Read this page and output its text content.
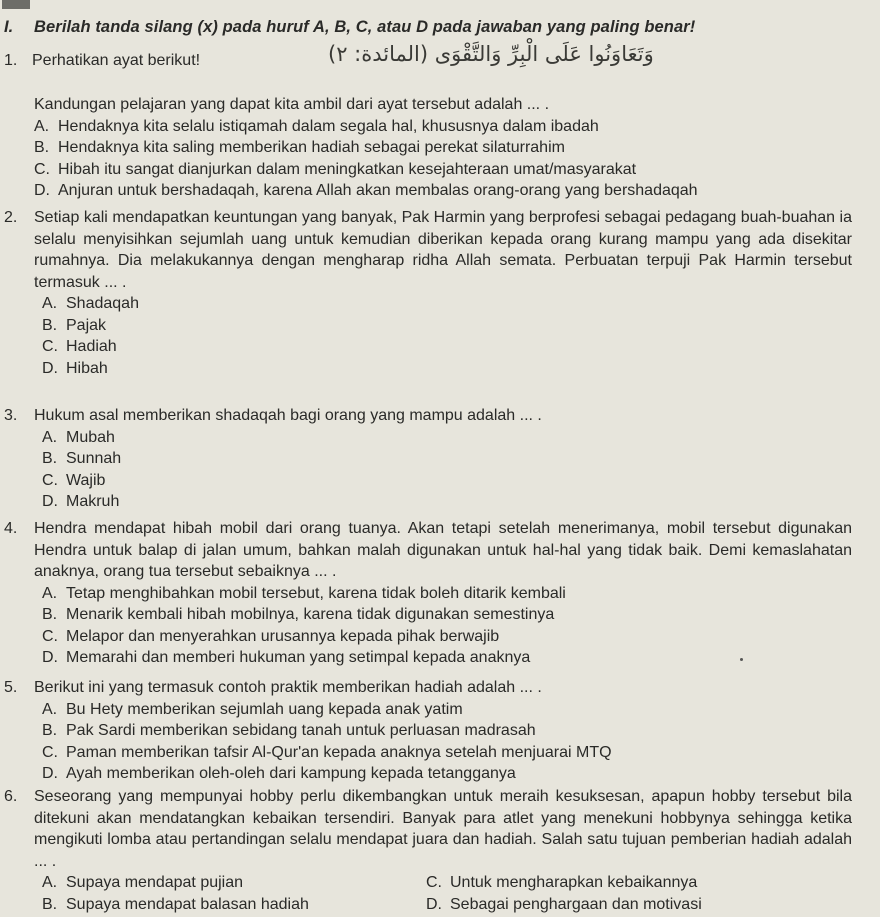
I. Berilah tanda silang (x) pada huruf A, B, C, atau D pada jawaban yang paling benar!
1. Perhatikan ayat berikut!	وَتَعَاوَنُوا عَلَى الْبِرِّ وَالتَّقْوَى (المائدة: ٢)
Kandungan pelajaran yang dapat kita ambil dari ayat tersebut adalah ... .
A. Hendaknya kita selalu istiqamah dalam segala hal, khususnya dalam ibadah
B. Hendaknya kita saling memberikan hadiah sebagai perekat silaturrahim
C. Hibah itu sangat dianjurkan dalam meningkatkan kesejahteraan umat/masyarakat
D. Anjuran untuk bershadaqah, karena Allah akan membalas orang-orang yang bershadaqah
2. Setiap kali mendapatkan keuntungan yang banyak, Pak Harmin yang berprofesi sebagai pedagang buah-buahan ia selalu menyisihkan sejumlah uang untuk kemudian diberikan kepada orang kurang mampu yang ada disekitar rumahnya. Dia melakukannya dengan mengharap ridha Allah semata. Perbuatan terpuji Pak Harmin tersebut termasuk ... .
A. Shadaqah
B. Pajak
C. Hadiah
D. Hibah
3. Hukum asal memberikan shadaqah bagi orang yang mampu adalah ... .
A. Mubah
B. Sunnah
C. Wajib
D. Makruh
4. Hendra mendapat hibah mobil dari orang tuanya. Akan tetapi setelah menerimanya, mobil tersebut digunakan Hendra untuk balap di jalan umum, bahkan malah digunakan untuk hal-hal yang tidak baik. Demi kemaslahatan anaknya, orang tua tersebut sebaiknya ... .
A. Tetap menghibahkan mobil tersebut, karena tidak boleh ditarik kembali
B. Menarik kembali hibah mobilnya, karena tidak digunakan semestinya
C. Melapor dan menyerahkan urusannya kepada pihak berwajib
D. Memarahi dan memberi hukuman yang setimpal kepada anaknya
5. Berikut ini yang termasuk contoh praktik memberikan hadiah adalah ... .
A. Bu Hety memberikan sejumlah uang kepada anak yatim
B. Pak Sardi memberikan sebidang tanah untuk perluasan madrasah
C. Paman memberikan tafsir Al-Qur'an kepada anaknya setelah menjuarai MTQ
D. Ayah memberikan oleh-oleh dari kampung kepada tetangganya
6. Seseorang yang mempunyai hobby perlu dikembangkan untuk meraih kesuksesan, apapun hobby tersebut bila ditekuni akan mendatangkan kebaikan tersendiri. Banyak para atlet yang menekuni hobbynya sehingga ketika mengikuti lomba atau pertandingan selalu mendapat juara dan hadiah. Salah satu tujuan pemberian hadiah adalah ... .
A. Supaya mendapat pujian	C. Untuk mengharapkan kebaikannya
B. Supaya mendapat balasan hadiah	D. Sebagai penghargaan dan motivasi
